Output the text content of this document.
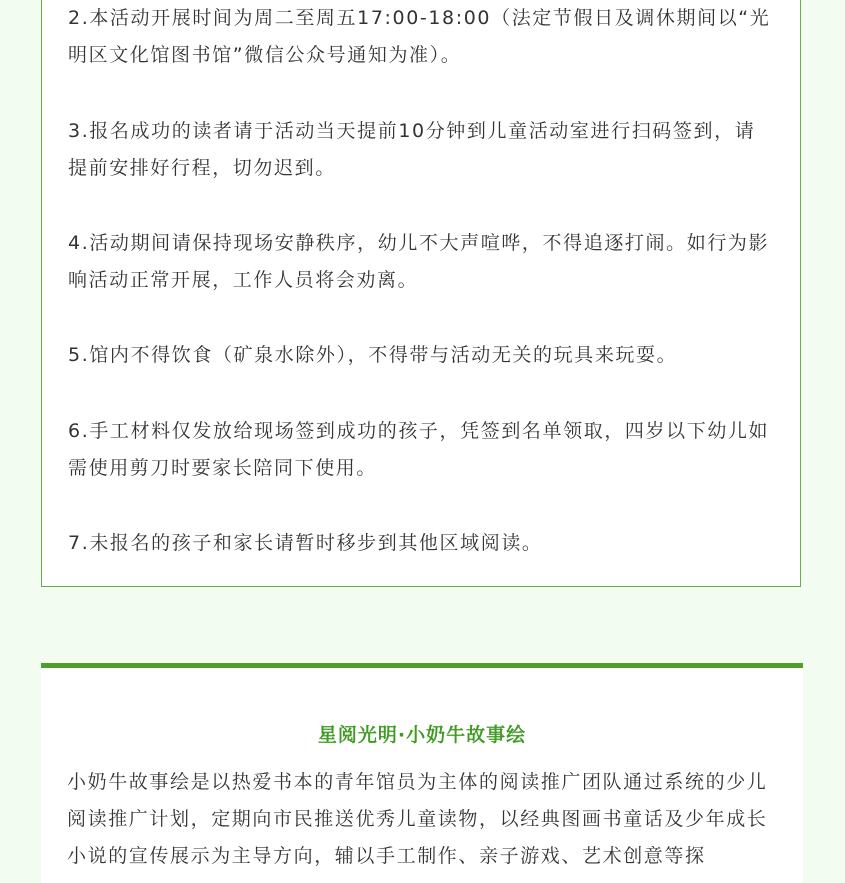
2.本活动开展时间为周二至周五17:00-18:00（法定节假日及调休期间以“光明区文化馆图书馆”微信公众号通知为准）。

3.报名成功的读者请于活动当天提前10分钟到儿童活动室进行扫码签到，请提前安排好行程，切勿迟到。

4.活动期间请保持现场安静秩序，幼儿不大声喧哗，不得追逐打闹。如行为影响活动正常开展，工作人员将会劝离。

5.馆内不得饮食（矿泉水除外），不得带与活动无关的玩具来玩耍。

6.手工材料仅发放给现场签到成功的孩子，凭签到名单领取，四岁以下幼儿如需使用剪刀时要家长陪同下使用。

7.未报名的孩子和家长请暂时移步到其他区域阅读。

星阅光明·小奶牛故事绘

小奶牛故事绘是以热爱书本的青年馆员为主体的阅读推广团队通过系统的少儿阅读推广计划，定期向市民推送优秀儿童读物，以经典图画书童话及少年成长小说的宣传展示为主导方向，辅以手工制作、亲子游戏、艺术创意等探
